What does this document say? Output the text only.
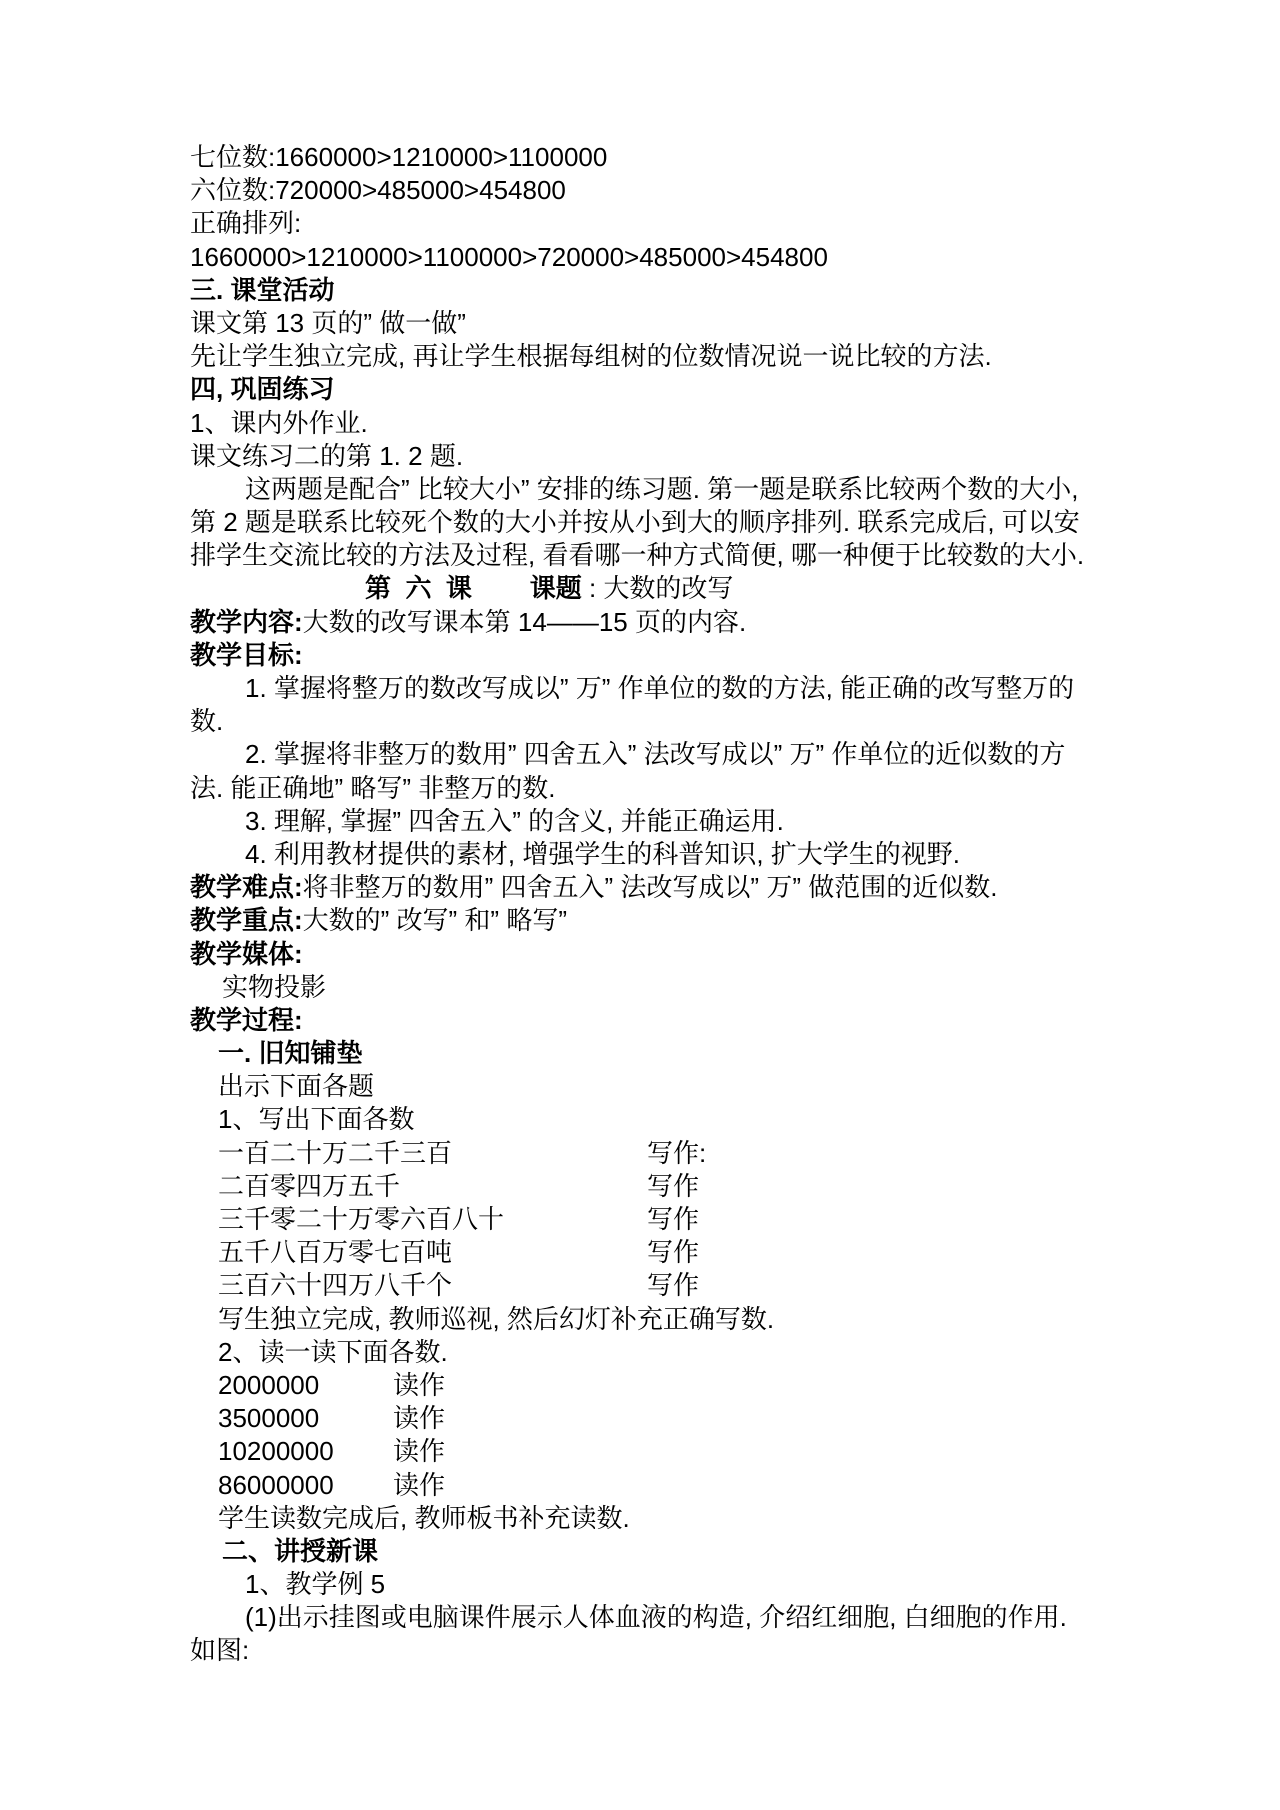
七位数:1660000>1210000>1100000
六位数:720000>485000>454800
正确排列:
1660000>1210000>1100000>720000>485000>454800
三. 课堂活动
课文第 13 页的” 做一做”
先让学生独立完成, 再让学生根据每组树的位数情况说一说比较的方法.
四, 巩固练习
1、课内外作业.
课文练习二的第 1. 2 题.
这两题是配合” 比较大小” 安排的练习题. 第一题是联系比较两个数的大小,
第 2 题是联系比较死个数的大小并按从小到大的顺序排列. 联系完成后, 可以安
排学生交流比较的方法及过程, 看看哪一种方式简便, 哪一种便于比较数的大小.
第  六  课 课题 : 大数的改写
教学内容:大数的改写课本第 14——15 页的内容.
教学目标:
1. 掌握将整万的数改写成以” 万” 作单位的数的方法, 能正确的改写整万的
数.
2. 掌握将非整万的数用” 四舍五入” 法改写成以” 万” 作单位的近似数的方
法. 能正确地” 略写” 非整万的数.
3. 理解, 掌握” 四舍五入” 的含义, 并能正确运用.
4. 利用教材提供的素材, 增强学生的科普知识, 扩大学生的视野.
教学难点:将非整万的数用” 四舍五入” 法改写成以” 万” 做范围的近似数.
教学重点:大数的” 改写” 和” 略写”
教学媒体:
实物投影
教学过程:
一. 旧知铺垫
出示下面各题
1、写出下面各数
一百二十万二千三百	写作:
二百零四万五千	写作
三千零二十万零六百八十	写作
五千八百万零七百吨	写作
三百六十四万八千个	写作
写生独立完成, 教师巡视, 然后幻灯补充正确写数.
2、读一读下面各数.
2000000	读作
3500000	读作
10200000 读作
86000000 读作
学生读数完成后, 教师板书补充读数.
二、讲授新课
1、教学例 5
(1)出示挂图或电脑课件展示人体血液的构造, 介绍红细胞, 白细胞的作用.
如图:
